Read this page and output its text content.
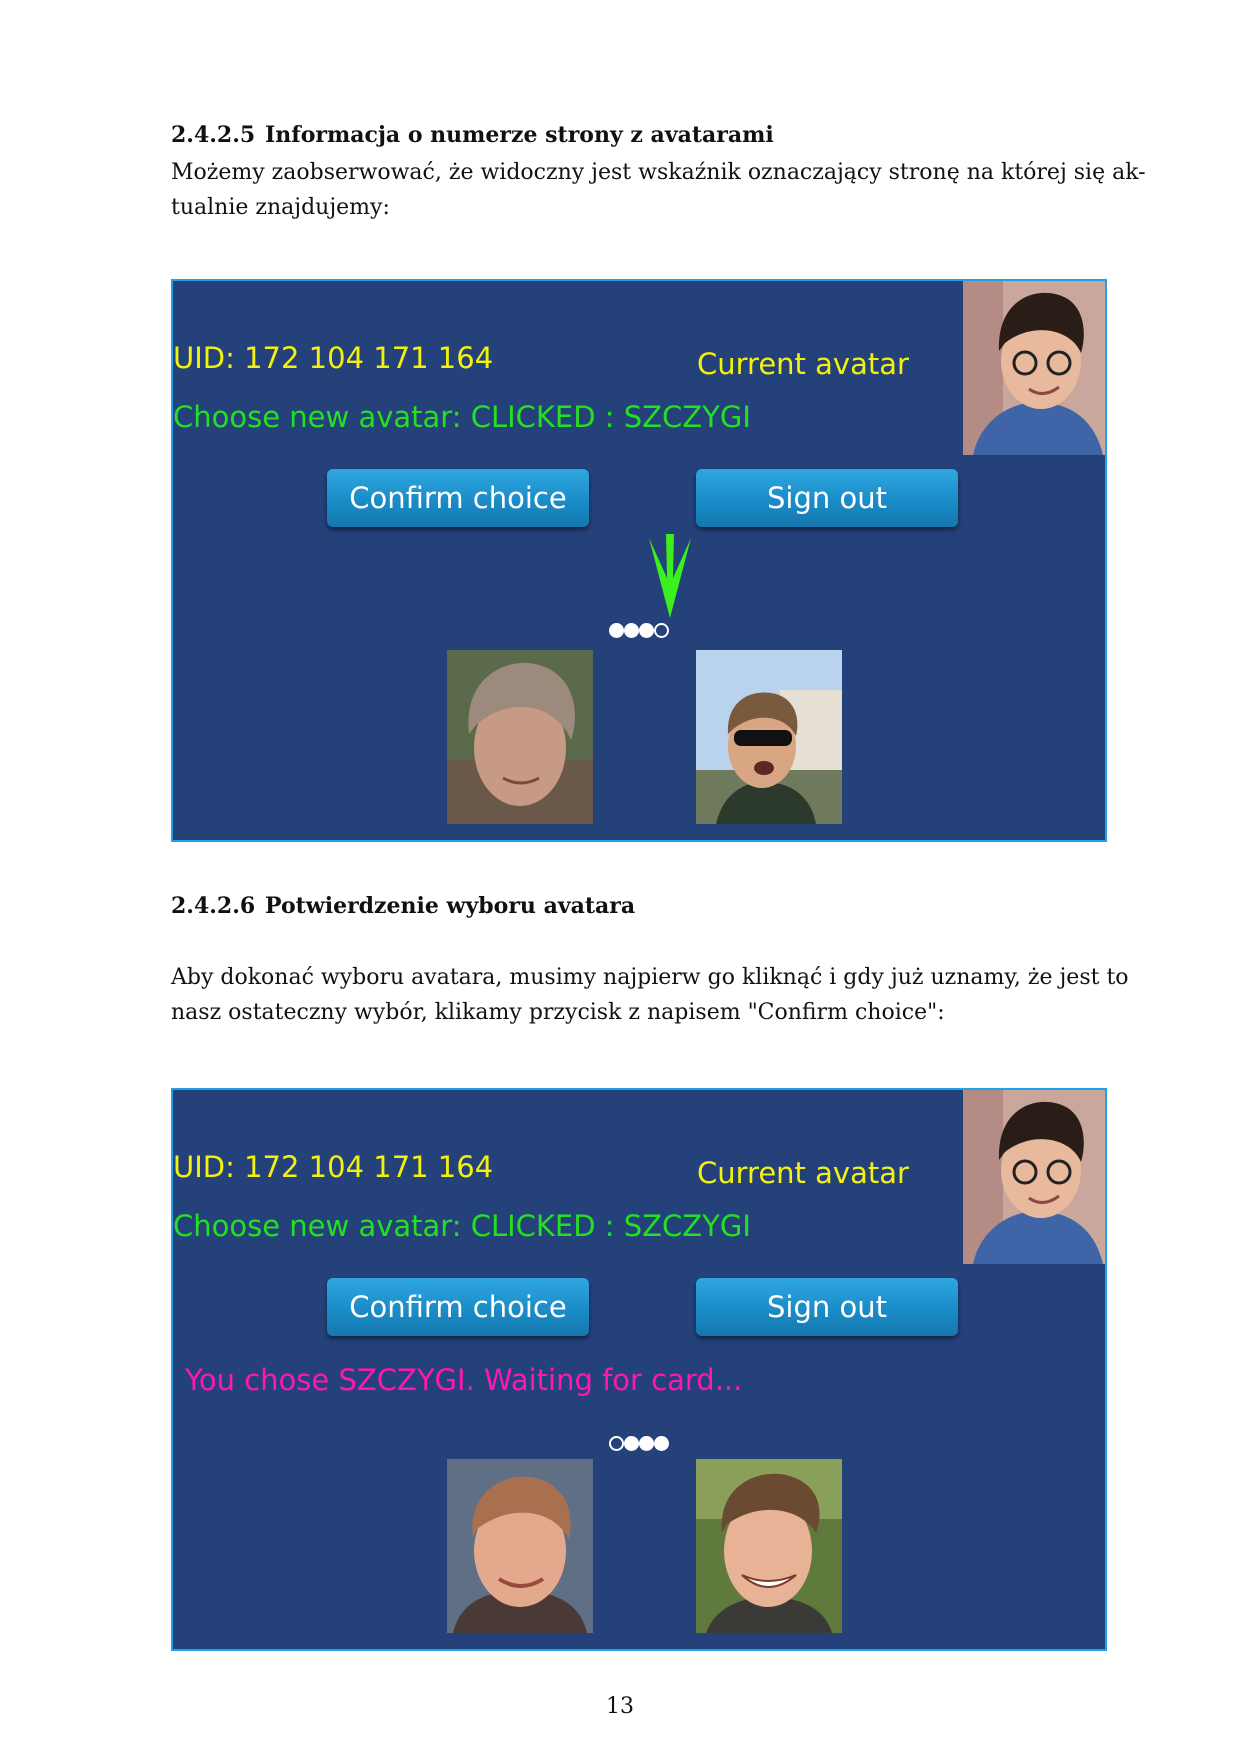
2.4.2.5 Informacja o numerze strony z avatarami
Możemy zaobserwować, że widoczny jest wskaźnik oznaczający stronę na której się ak-
tualnie znajdujemy:
UID: 172 104 171 164	Current avatar
Choose new avatar: CLICKED : SZCZYGI
Confirm choice	Sign out
2.4.2.6 Potwierdzenie wyboru avatara
Aby dokonać wyboru avatara, musimy najpierw go kliknąć i gdy już uznamy, że jest to
nasz ostateczny wybór, klikamy przycisk z napisem "Confirm choice":
UID: 172 104 171 164	Current avatar
Choose new avatar: CLICKED : SZCZYGI
Confirm choice	Sign out
You chose SZCZYGI. Waiting for card...
13
